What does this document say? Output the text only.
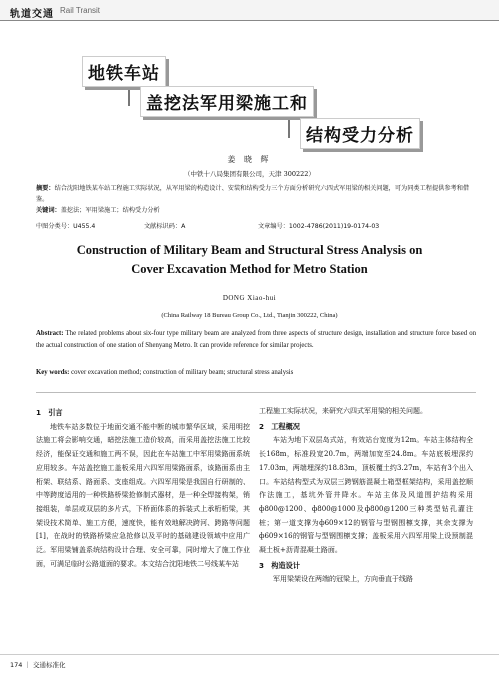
轨道交通 Rail Transit
地铁车站
盖挖法军用梁施工和
结构受力分析
姜 晓 辉
（中铁十八局集团有限公司，天津 300222）
摘要：结合沈阳地铁某车站工程施工实际状况，从军用梁的构造设计、安装和结构受力三个方面分析研究六四式军用梁的相关问题，可为同类工程提供参考和借鉴。
关键词：盖挖法；军用梁施工；结构受力分析
中图分类号：U455.4	文献标识码：A	文章编号：1002-4786(2011)19-0174-03
Construction of Military Beam and Structural Stress Analysis on
Cover Excavation Method for Metro Station
DONG Xiao-hui
(China Railway 18 Bureau Group Co., Ltd., Tianjin 300222, China)
Abstract: The related problems about six-four type military beam are analyzed from three aspects of structure design, installation and structure force based on the actual construction of one station of Shenyang Metro. It can provide reference for similar projects.
Key words: cover excavation method; construction of military beam; structural stress analysis
1　引言

地铁车站多数位于地面交通不能中断的城市繁华区域，采用明挖法施工将会影响交通，暗挖法施工造价较高，而采用盖挖法施工比较经济，能保证交通和施工两不误，因此在车站施工中军用梁路面系统应用较多。车站盖挖施工盖板采用六四军用梁路面系，该路面系由主桁架、联结系、路面系、支座组成。六四军用梁是我国自行研制的、中等跨度适用的一种铁路桥梁抢修制式器材，是一种全焊接构架，销接组装，单层或双层的多片式，下桥面体系的拆装式上承桁桁梁，其架设技术简单、施工方便，速度快，能有效地解决跨河、跨路等问题[1]，在战时的铁路桥梁应急抢修以及平时的基础建设领域中应用广泛。军用梁铺盖系统结构设计合理、安全可靠，同时增大了施工作业面，可满足临时公路道面的要求。本文结合沈阳地铁二号线某车站

工程施工实际状况，来研究六四式军用梁的相关问题。

2　工程概况

车站为地下双层岛式站，有效站台宽度为12m。车站主体结构全长168m，标准段宽20.7m，两端加宽至24.8m。车站底板埋深约17.03m，两端埋深约18.83m，顶板覆土约3.27m，车站有3个出入口。车站结构型式为双层三跨钢筋混凝土箱型框架结构，采用盖挖顺作法施工，基坑外管井降水。车站主体及风道围护结构采用ф800@1200、ф800@1000及ф800@1200三种类型钻孔灌注桩；第一道支撑为ф609×12的钢管与型钢围檩支撑，其余支撑为ф609×16的钢管与型钢围檩支撑；盖板采用六四军用梁上设预制混凝土板+沥青混凝土路面。

3　构造设计

军用梁架设在两端的冠梁上，方向垂直于线路

174 ｜ 交通标准化
